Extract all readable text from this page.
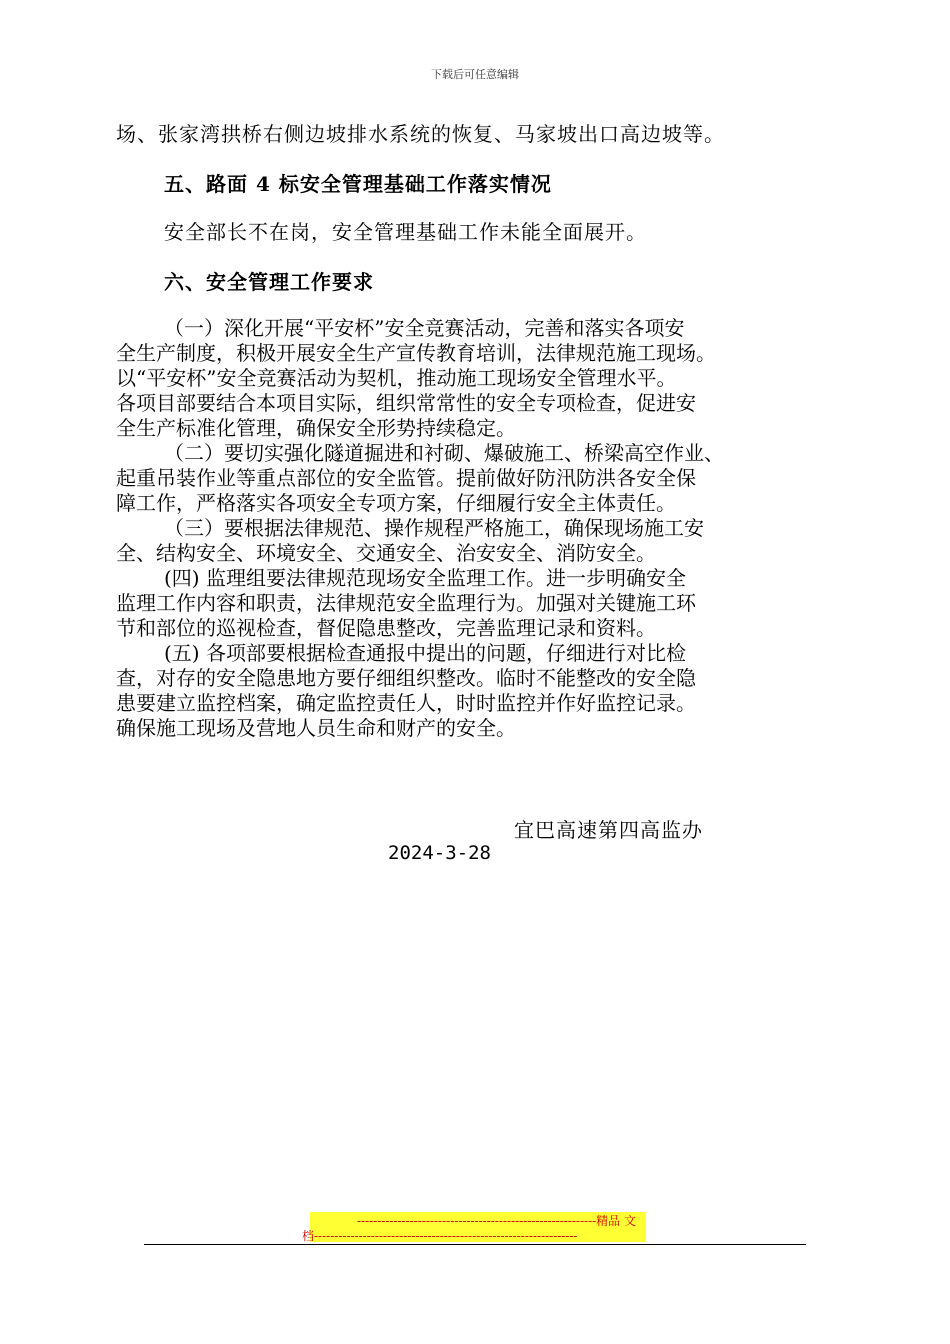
下载后可任意编辑
场、张家湾拱桥右侧边坡排水系统的恢复、马家坡出口高边坡等。
五、路面 4 标安全管理基础工作落实情况
安全部长不在岗，安全管理基础工作未能全面展开。
六、安全管理工作要求
（一）深化开展“平安杯”安全竞赛活动，完善和落实各项安
全生产制度，积极开展安全生产宣传教育培训，法律规范施工现场。
以“平安杯”安全竞赛活动为契机，推动施工现场安全管理水平。
各项目部要结合本项目实际，组织常常性的安全专项检查，促进安
全生产标准化管理，确保安全形势持续稳定。
（二）要切实强化隧道掘进和衬砌、爆破施工、桥梁高空作业、
起重吊装作业等重点部位的安全监管。提前做好防汛防洪各安全保
障工作，严格落实各项安全专项方案，仔细履行安全主体责任。
（三）要根据法律规范、操作规程严格施工，确保现场施工安
全、结构安全、环境安全、交通安全、治安安全、消防安全。
(四) 监理组要法律规范现场安全监理工作。进一步明确安全
监理工作内容和职责，法律规范安全监理行为。加强对关键施工环
节和部位的巡视检查，督促隐患整改，完善监理记录和资料。
(五) 各项部要根据检查通报中提出的问题，仔细进行对比检
查，对存的安全隐患地方要仔细组织整改。临时不能整改的安全隐
患要建立监控档案，确定监控责任人，时时监控并作好监控记录。
确保施工现场及营地人员生命和财产的安全。
宜巴高速第四高监办
2024-3-28
-----------------------------------------------------------精品 文
档-----------------------------------------------------------------
